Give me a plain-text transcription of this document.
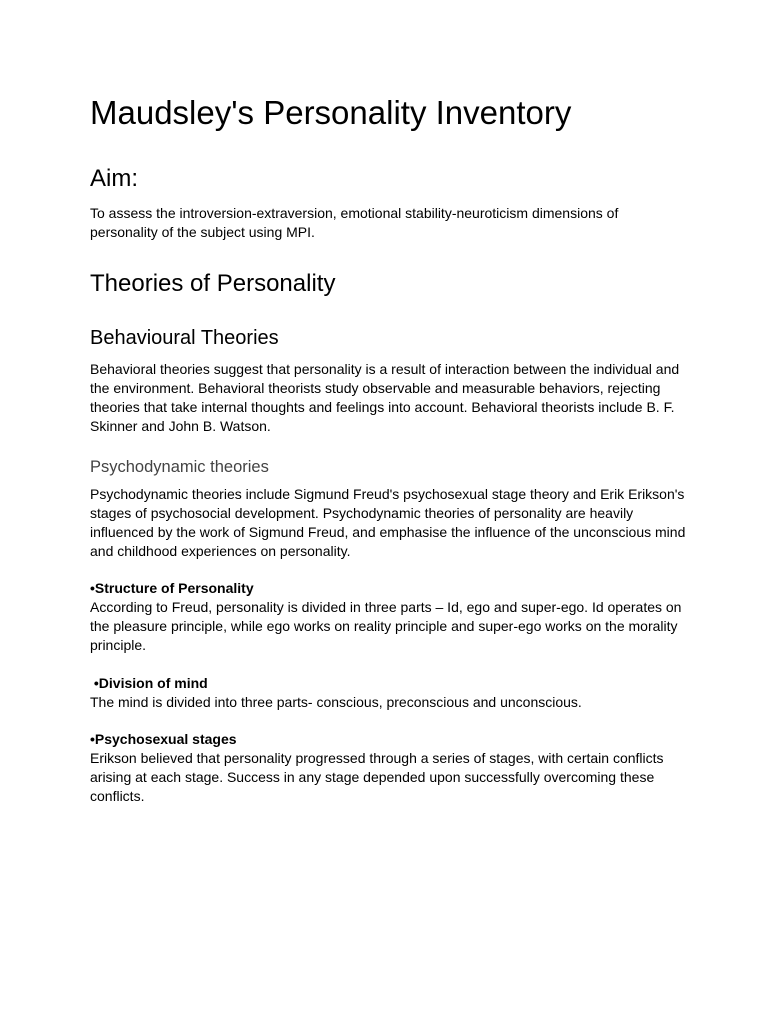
Maudsley's Personality Inventory
Aim:

To assess the introversion-extraversion, emotional stability-neuroticism dimensions of

personality of the subject using MPI.

Theories of Personality
Behavioural Theories

Behavioral theories suggest that personality is a result of interaction between the individual and

the environment. Behavioral theorists study observable and measurable behaviors, rejecting

theories that take internal thoughts and feelings into account. Behavioral theorists include B. F.

Skinner and John B. Watson.

Psychodynamic theories

Psychodynamic theories include Sigmund Freud's psychosexual stage theory and Erik Erikson's

stages of psychosocial development. Psychodynamic theories of personality are heavily

influenced by the work of Sigmund Freud, and emphasise the influence of the unconscious mind

and childhood experiences on personality.

•Structure of Personality

According to Freud, personality is divided in three parts – Id, ego and super-ego. Id operates on

the pleasure principle, while ego works on reality principle and super-ego works on the morality

principle.

•Division of mind

The mind is divided into three parts- conscious, preconscious and unconscious.

•Psychosexual stages

Erikson believed that personality progressed through a series of stages, with certain conflicts

arising at each stage. Success in any stage depended upon successfully overcoming these

conflicts.
